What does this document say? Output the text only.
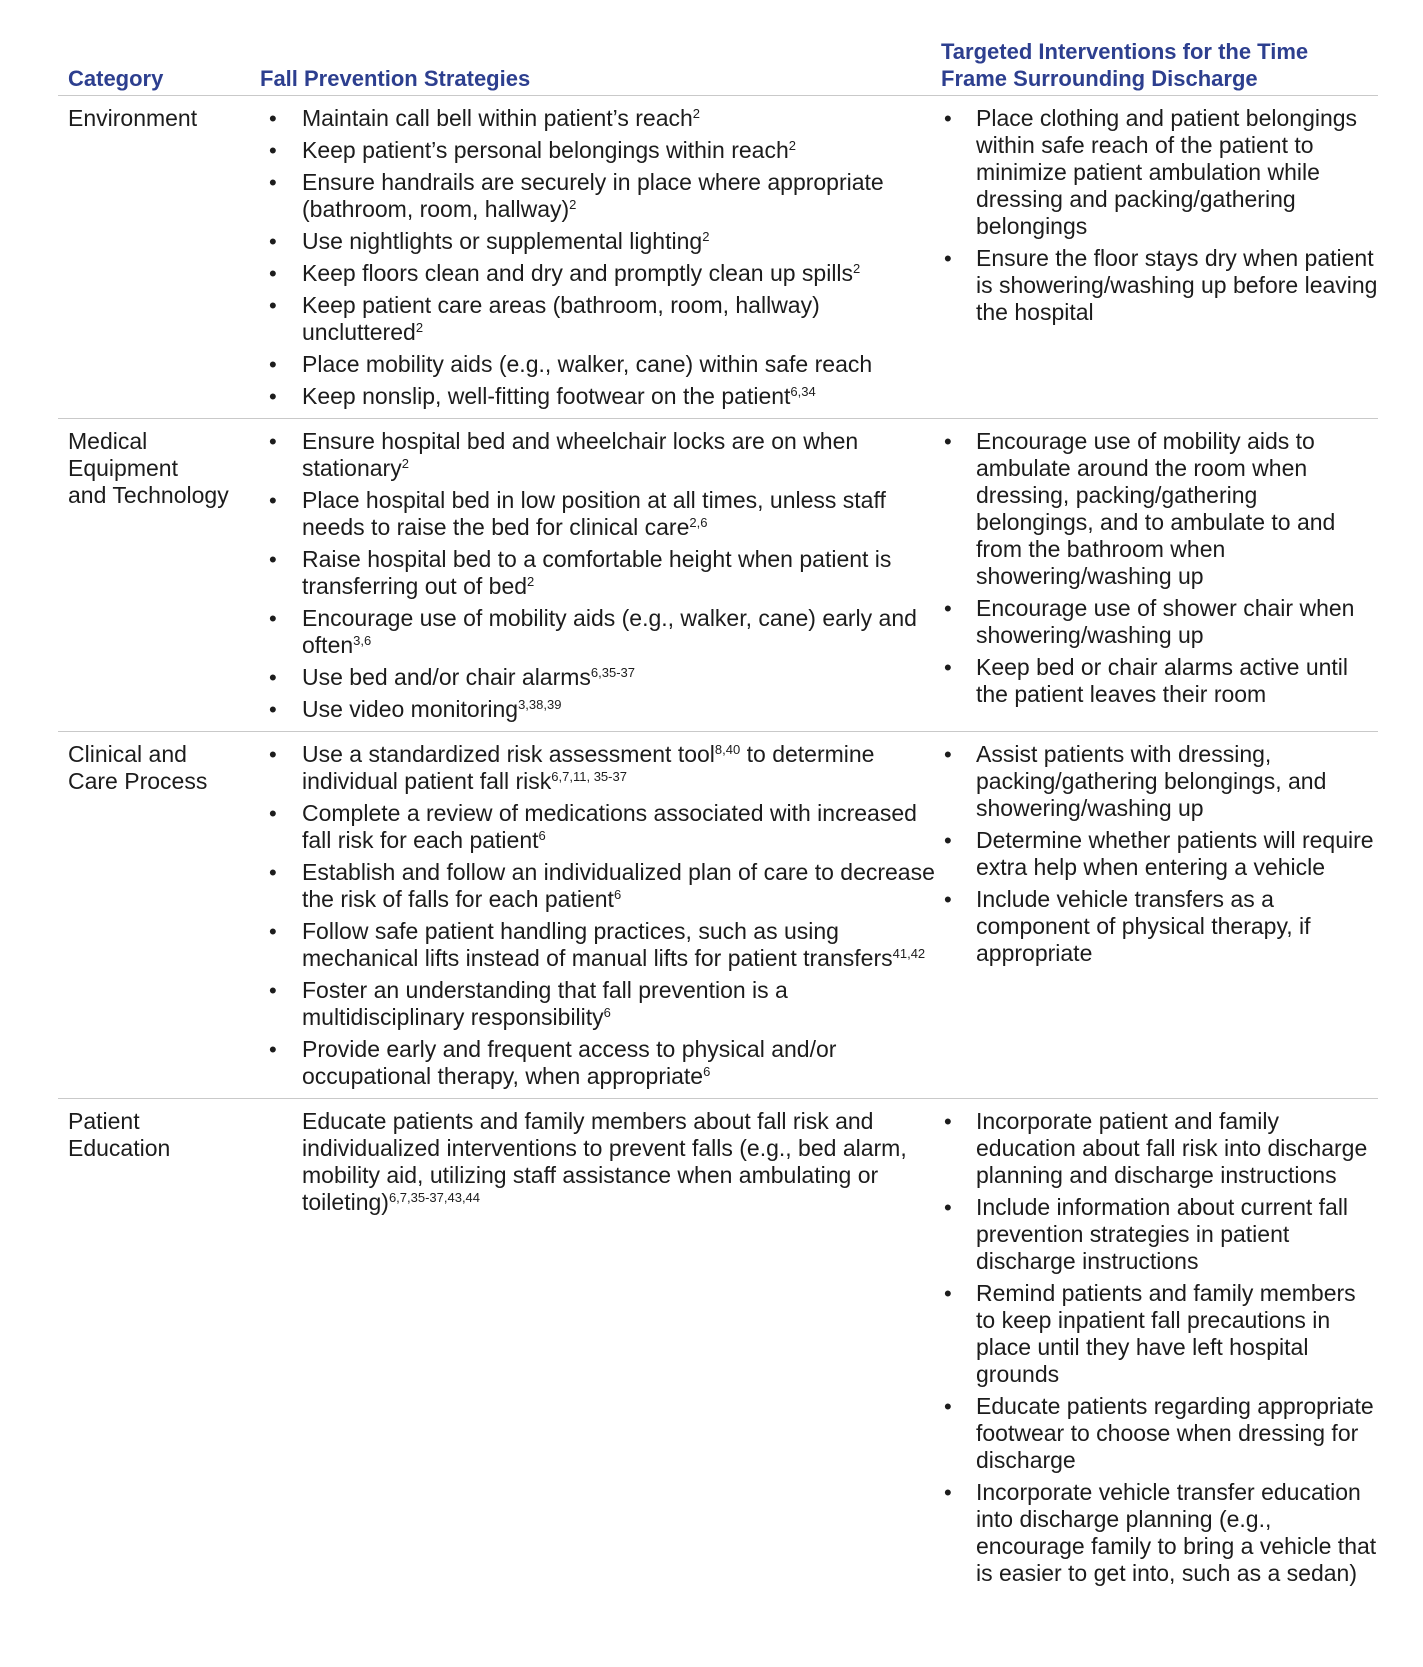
Category	Fall Prevention Strategies
Targeted Interventions for the Time Frame Surrounding Discharge
Environment
•	Maintain call bell within patient’s reach$^2$
• Keep patient’s personal belongings within reach$^2$
• Ensure handrails are securely in place where appropriate (bathroom, room, hallway)$^2$
• Use nightlights or supplemental lighting$^2$
• Keep floors clean and dry and promptly clean up spills$^2$
• Keep patient care areas (bathroom, room, hallway) uncluttered$^2$
• Place mobility aids (e.g., walker, cane) within safe reach
• Keep nonslip, well-fitting footwear on the patient$^{6,34}$
• Place clothing and patient belongings within safe reach of the patient to minimize patient ambulation while dressing and packing/gathering belongings
• Ensure the floor stays dry when patient is showering/washing up before leaving the hospital
Medical
Equipment
and Technology
• Ensure hospital bed and wheelchair locks are on when stationary$^2$
• Place hospital bed in low position at all times, unless staff needs to raise the bed for clinical care$^{2,6}$
• Raise hospital bed to a comfortable height when patient is transferring out of bed$^2$
• Encourage use of mobility aids (e.g., walker, cane) early and often$^{3,6}$
• Use bed and/or chair alarms$^{6,35-37}$
• Use video monitoring$^{3,38,39}$
• Encourage use of mobility aids to ambulate around the room when dressing, packing/gathering belongings, and to ambulate to and from the bathroom when showering/washing up
• Encourage use of shower chair when showering/washing up
• Keep bed or chair alarms active until the patient leaves their room
Clinical and
Care Process
• Use a standardized risk assessment tool$^{8,40}$ to determine individual patient fall risk$^{6,7,11, 35-37}$
• Complete a review of medications associated with increased fall risk for each patient$^6$
• Establish and follow an individualized plan of care to decrease the risk of falls for each patient$^6$
• Follow safe patient handling practices, such as using mechanical lifts instead of manual lifts for patient transfers$^{41,42}$
• Foster an understanding that fall prevention is a multidisciplinary responsibility$^6$
• Provide early and frequent access to physical and/or occupational therapy, when appropriate$^6$
• Assist patients with dressing, packing/gathering belongings, and showering/washing up
• Determine whether patients will require extra help when entering a vehicle
• Include vehicle transfers as a component of physical therapy, if appropriate
Patient
Education
Educate patients and family members about fall risk and individualized interventions to prevent falls (e.g., bed alarm, mobility aid, utilizing staff assistance when ambulating or toileting)$^{6,7,35-37,43,44}$
• Incorporate patient and family education about fall risk into discharge planning and discharge instructions
• Include information about current fall prevention strategies in patient discharge instructions
• Remind patients and family members to keep inpatient fall precautions in place until they have left hospital grounds
• Educate patients regarding appropriate footwear to choose when dressing for discharge
• Incorporate vehicle transfer education into discharge planning (e.g., encourage family to bring a vehicle that is easier to get into, such as a sedan)
